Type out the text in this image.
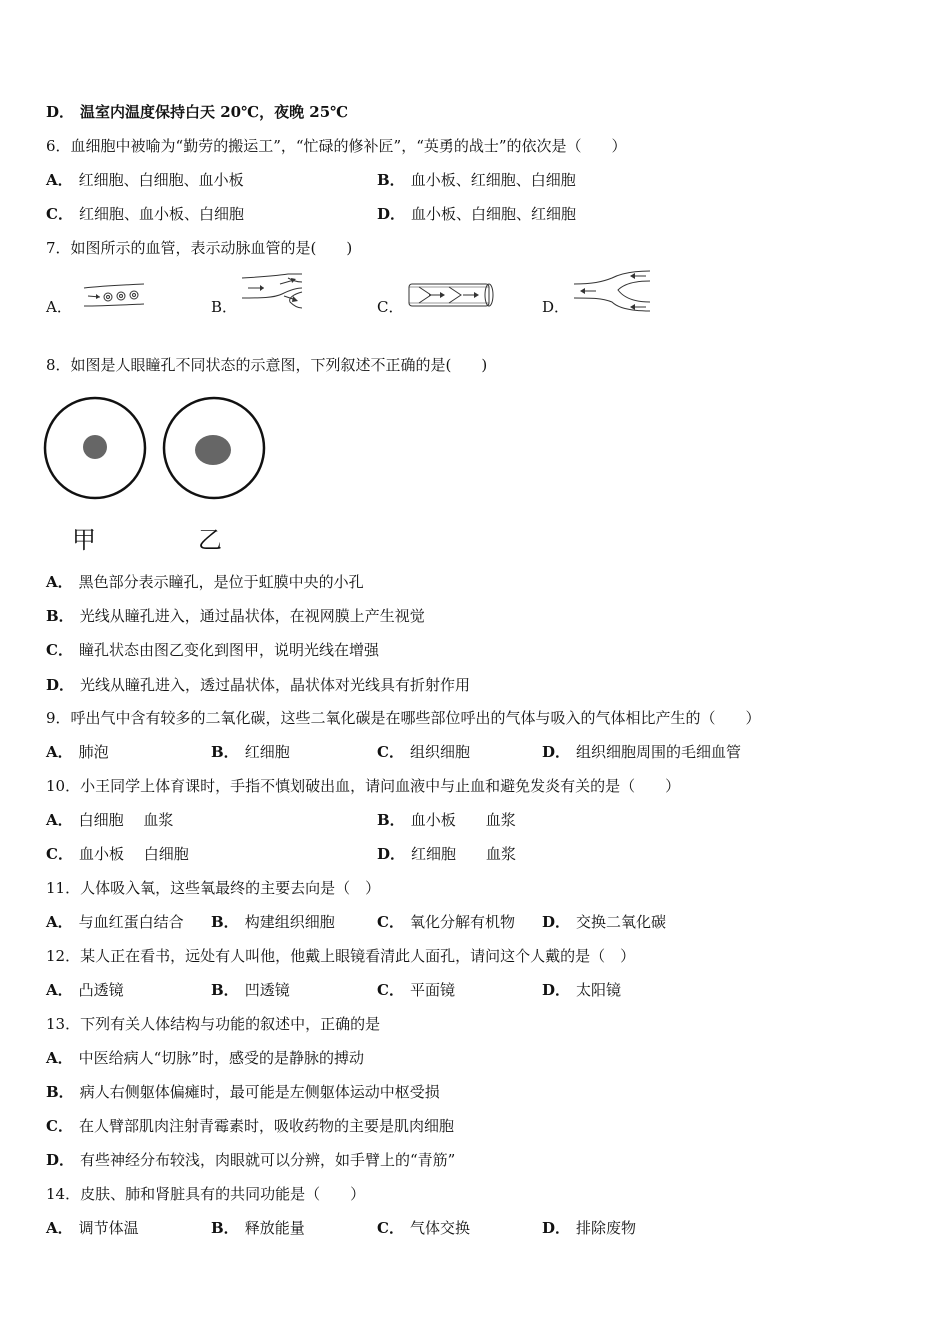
D． 温室内温度保持白天 20℃，夜晚 25℃
6．血细胞中被喻为“勤劳的搬运工”，“忙碌的修补匠”，“英勇的战士”的依次是（　　）
A． 红细胞、白细胞、血小板	B． 血小板、红细胞、白细胞
C． 红细胞、血小板、白细胞	D． 血小板、白细胞、红细胞
7．如图所示的血管，表示动脉血管的是(　　)
A．	B．	C．	D．
8．如图是人眼瞳孔不同状态的示意图，下列叙述不正确的是(　　)
甲	乙
A． 黑色部分表示瞳孔，是位于虹膜中央的小孔
B． 光线从瞳孔进入，通过晶状体，在视网膜上产生视觉
C． 瞳孔状态由图乙变化到图甲，说明光线在增强
D． 光线从瞳孔进入，透过晶状体，晶状体对光线具有折射作用
9．呼出气中含有较多的二氧化碳，这些二氧化碳是在哪些部位呼出的气体与吸入的气体相比产生的（　　）
A． 肺泡	B． 红细胞	C． 组织细胞	D． 组织细胞周围的毛细血管
10．小王同学上体育课时，手指不慎划破出血，请问血液中与止血和避免发炎有关的是（　　）
A． 白细胞　 血浆	B． 血小板　　血浆
C． 血小板　 白细胞	D． 红细胞　　血浆
11．人体吸入氧，这些氧最终的主要去向是（　）
A． 与血红蛋白结合 B． 构建组织细胞	C． 氧化分解有机物 D． 交换二氧化碳
12．某人正在看书，远处有人叫他，他戴上眼镜看清此人面孔，请问这个人戴的是（　）
A． 凸透镜	B． 凹透镜	C． 平面镜	D． 太阳镜
13．下列有关人体结构与功能的叙述中，正确的是
A． 中医给病人“切脉”时，感受的是静脉的搏动
B． 病人右侧躯体偏瘫时，最可能是左侧躯体运动中枢受损
C． 在人臂部肌肉注射青霉素时，吸收药物的主要是肌肉细胞
D． 有些神经分布较浅，肉眼就可以分辨，如手臂上的“青筋”
14．皮肤、肺和肾脏具有的共同功能是（　　）
A． 调节体温	B． 释放能量	C． 气体交换	D． 排除废物
